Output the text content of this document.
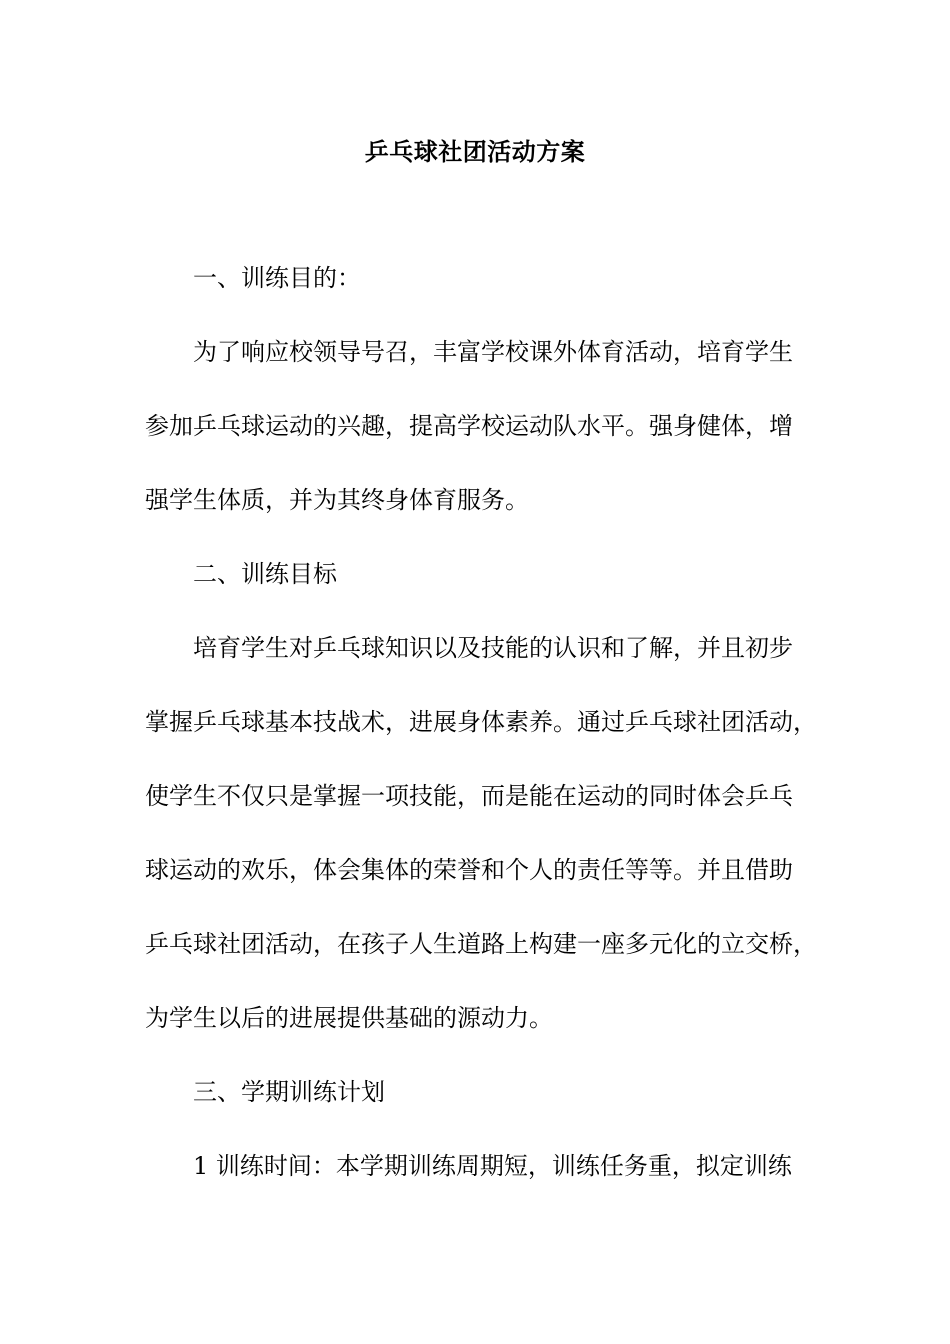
乒乓球社团活动方案
一、训练目的：
为了响应校领导号召，丰富学校课外体育活动，培育学生
参加乒乓球运动的兴趣，提高学校运动队水平。强身健体，增
强学生体质，并为其终身体育服务。
二、训练目标
培育学生对乒乓球知识以及技能的认识和了解，并且初步
掌握乒乓球基本技战术，进展身体素养。通过乒乓球社团活动，
使学生不仅只是掌握一项技能，而是能在运动的同时体会乒乓
球运动的欢乐，体会集体的荣誉和个人的责任等等。并且借助
乒乓球社团活动，在孩子人生道路上构建一座多元化的立交桥，
为学生以后的进展提供基础的源动力。
三、学期训练计划
1 训练时间：本学期训练周期短，训练任务重，拟定训练
